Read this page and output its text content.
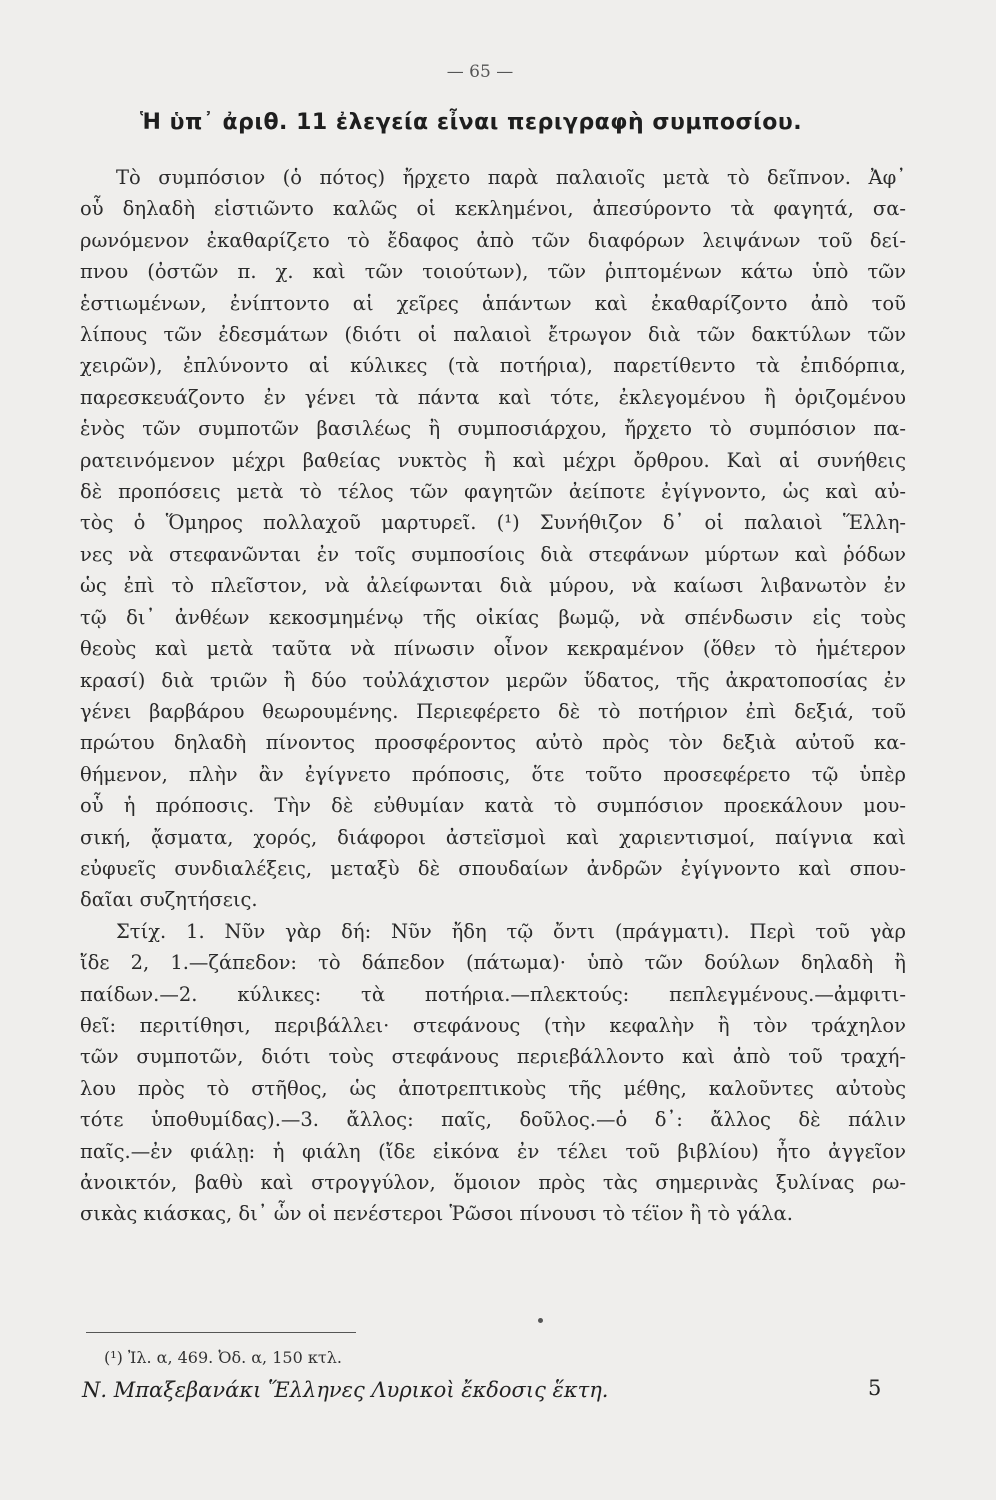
— 65 —
Ἡ ὑπ᾽ ἀριθ. 11 ἐλεγεία εἶναι περιγραφὴ συμποσίου.
Τὸ συμπόσιον (ὁ πότος) ἤρχετο παρὰ παλαιοῖς μετὰ τὸ δεῖπνον. Ἀφ᾽
οὗ δηλαδὴ εἱστιῶντο καλῶς οἱ κεκλημένοι, ἀπεσύροντο τὰ φαγητά, σα-
ρωνόμενον ἐκαθαρίζετο τὸ ἔδαφος ἀπὸ τῶν διαφόρων λειψάνων τοῦ δεί-
πνου (ὀστῶν π. χ. καὶ τῶν τοιούτων), τῶν ῥιπτομένων κάτω ὑπὸ τῶν
ἑστιωμένων, ἐνίπτοντο αἱ χεῖρες ἁπάντων καὶ ἐκαθαρίζοντο ἀπὸ τοῦ
λίπους τῶν ἐδεσμάτων (διότι οἱ παλαιοὶ ἔτρωγον διὰ τῶν δακτύλων τῶν
χειρῶν), ἐπλύνοντο αἱ κύλικες (τὰ ποτήρια), παρετίθεντο τὰ ἐπιδόρπια,
παρεσκευάζοντο ἐν γένει τὰ πάντα καὶ τότε, ἐκλεγομένου ἢ ὁριζομένου
ἑνὸς τῶν συμποτῶν βασιλέως ἢ συμποσιάρχου, ἤρχετο τὸ συμπόσιον πα-
ρατεινόμενον μέχρι βαθείας νυκτὸς ἢ καὶ μέχρι ὄρθρου. Καὶ αἱ συνήθεις
δὲ προπόσεις μετὰ τὸ τέλος τῶν φαγητῶν ἀείποτε ἐγίγνοντο, ὡς καὶ αὐ-
τὸς ὁ Ὅμηρος πολλαχοῦ μαρτυρεῖ. (¹) Συνήθιζον δ᾽ οἱ παλαιοὶ Ἕλλη-
νες νὰ στεφανῶνται ἐν τοῖς συμποσίοις διὰ στεφάνων μύρτων καὶ ῥόδων
ὡς ἐπὶ τὸ πλεῖστον, νὰ ἀλείφωνται διὰ μύρου, νὰ καίωσι λιβανωτὸν ἐν
τῷ δι᾽ ἀνθέων κεκοσμημένῳ τῆς οἰκίας βωμῷ, νὰ σπένδωσιν εἰς τοὺς
θεοὺς καὶ μετὰ ταῦτα νὰ πίνωσιν οἶνον κεκραμένον (ὅθεν τὸ ἡμέτερον
κρασί) διὰ τριῶν ἢ δύο τοὐλάχιστον μερῶν ὕδατος, τῆς ἀκρατοποσίας ἐν
γένει βαρβάρου θεωρουμένης. Περιεφέρετο δὲ τὸ ποτήριον ἐπὶ δεξιά, τοῦ
πρώτου δηλαδὴ πίνοντος προσφέροντος αὐτὸ πρὸς τὸν δεξιὰ αὐτοῦ κα-
θήμενον, πλὴν ἂν ἐγίγνετο πρόποσις, ὅτε τοῦτο προσεφέρετο τῷ ὑπὲρ
οὗ ἡ πρόποσις. Τὴν δὲ εὐθυμίαν κατὰ τὸ συμπόσιον προεκάλουν μου-
σική, ᾄσματα, χορός, διάφοροι ἀστεϊσμοὶ καὶ χαριεντισμοί, παίγνια καὶ
εὐφυεῖς συνδιαλέξεις, μεταξὺ δὲ σπουδαίων ἀνδρῶν ἐγίγνοντο καὶ σπου-
δαῖαι συζητήσεις.
Στίχ. 1. Νῦν γὰρ δή: Νῦν ἤδη τῷ ὄντι (πράγματι). Περὶ τοῦ γὰρ
ἴδε 2, 1.—ζάπεδον: τὸ δάπεδον (πάτωμα)· ὑπὸ τῶν δούλων δηλαδὴ ἢ
παίδων.—2. κύλικες: τὰ ποτήρια.—πλεκτούς: πεπλεγμένους.—ἀμφιτι-
θεῖ: περιτίθησι, περιβάλλει· στεφάνους (τὴν κεφαλὴν ἢ τὸν τράχηλον
τῶν συμποτῶν, διότι τοὺς στεφάνους περιεβάλλοντο καὶ ἀπὸ τοῦ τραχή-
λου πρὸς τὸ στῆθος, ὡς ἀποτρεπτικοὺς τῆς μέθης, καλοῦντες αὐτοὺς
τότε ὑποθυμίδας).—3. ἄλλος: παῖς, δοῦλος.—ὁ δ᾽: ἄλλος δὲ πάλιν
παῖς.—ἐν φιάλῃ: ἡ φιάλη (ἴδε εἰκόνα ἐν τέλει τοῦ βιβλίου) ἦτο ἀγγεῖον
ἀνοικτόν, βαθὺ καὶ στρογγύλον, ὅμοιον πρὸς τὰς σημερινὰς ξυλίνας ρω-
σικὰς κιάσκας, δι᾽ ὧν οἱ πενέστεροι Ῥῶσοι πίνουσι τὸ τέϊον ἢ τὸ γάλα.
(¹) Ἰλ. α, 469. Ὀδ. α, 150 κτλ.
Ν. Μπαξεβανάκι Ἕλληνες Λυρικοὶ ἔκδοσις ἕκτη.	5
